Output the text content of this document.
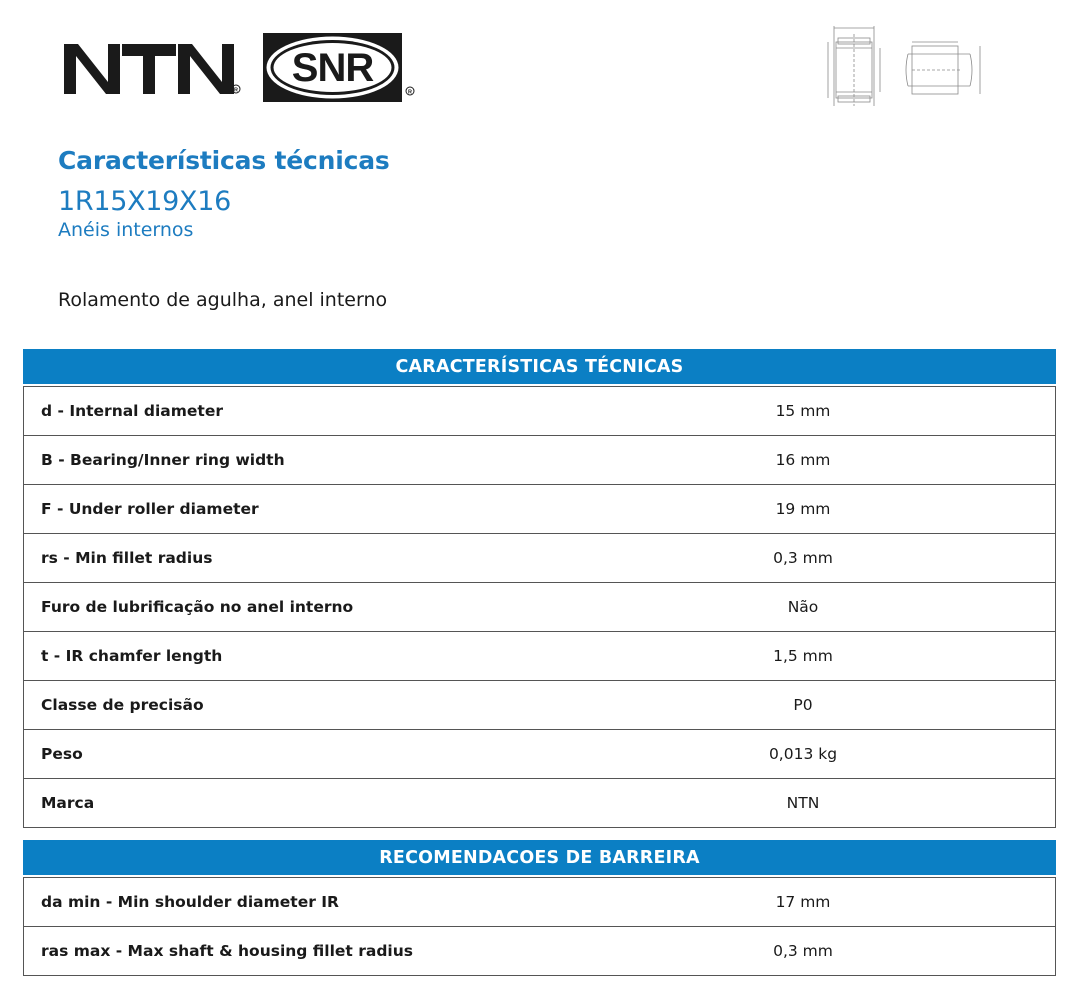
R
SNR
R
Características técnicas
1R15X19X16
Anéis internos
Rolamento de agulha, anel interno
CARACTERÍSTICAS TÉCNICAS
d - Internal diameter	15 mm
B - Bearing/Inner ring width	16 mm
F - Under roller diameter	19 mm
rs - Min fillet radius	0,3 mm
Furo de lubrificação no anel interno	Não
t - IR chamfer length	1,5 mm
Classe de precisão	P0
Peso	0,013 kg
Marca	NTN
RECOMENDACOES DE BARREIRA
da min - Min shoulder diameter IR	17 mm
ras max - Max shaft & housing fillet radius	0,3 mm
